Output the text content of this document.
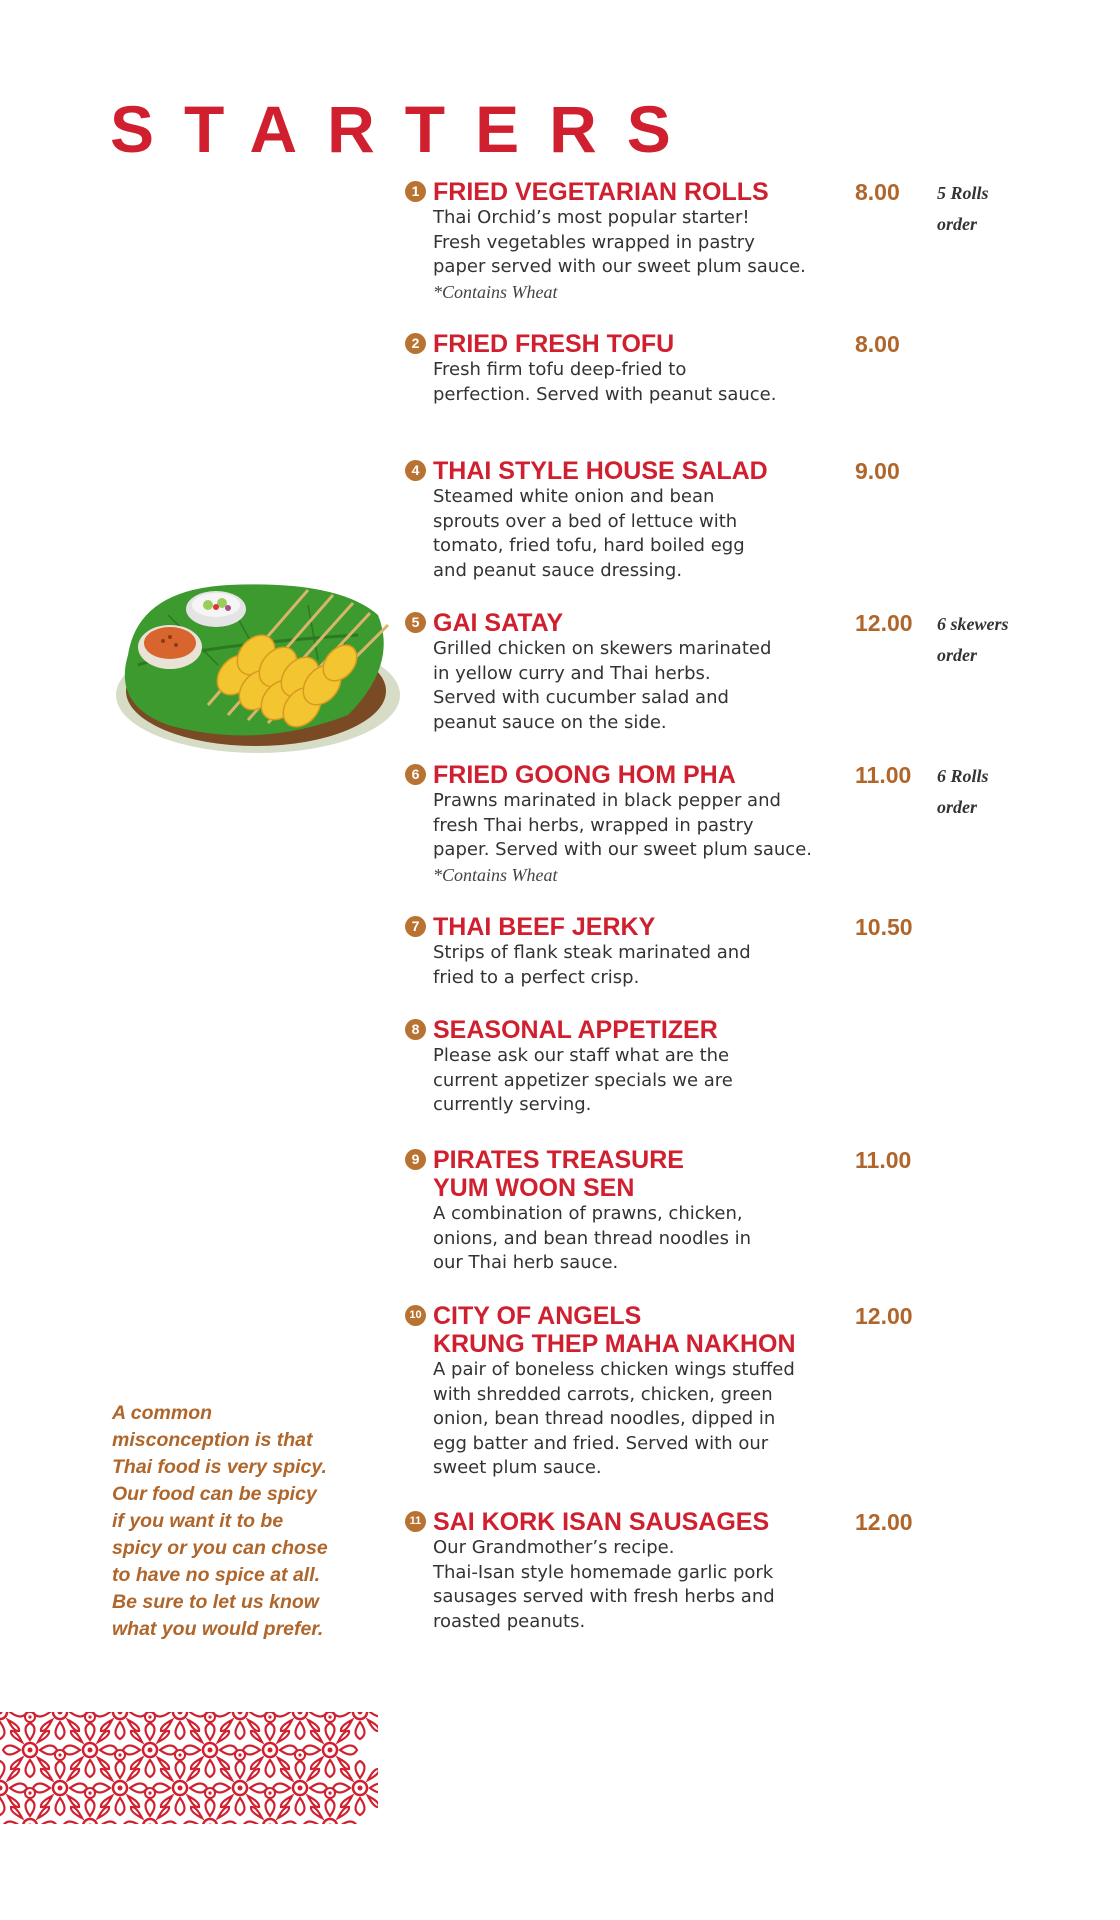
STARTERS
1 FRIED VEGETARIAN ROLLS	8.00 5 Rolls
order
Thai Orchid’s most popular starter!
Fresh vegetables wrapped in pastry
paper served with our sweet plum sauce.
*Contains Wheat
2 FRIED FRESH TOFU	8.00
Fresh firm tofu deep-fried to
perfection. Served with peanut sauce.
4 THAI STYLE HOUSE SALAD	9.00
Steamed white onion and bean
sprouts over a bed of lettuce with
tomato, fried tofu, hard boiled egg
and peanut sauce dressing.
5 GAI SATAY	12.00 6 skewers
order
Grilled chicken on skewers marinated
in yellow curry and Thai herbs.
Served with cucumber salad and
peanut sauce on the side.
6 FRIED GOONG HOM PHA	11.00 6 Rolls
order
Prawns marinated in black pepper and
fresh Thai herbs, wrapped in pastry
paper. Served with our sweet plum sauce.
*Contains Wheat
7 THAI BEEF JERKY	10.50
Strips of flank steak marinated and
fried to a perfect crisp.
8 SEASONAL APPETIZER
Please ask our staff what are the
current appetizer specials we are
currently serving.
9 PIRATES TREASURE
YUM WOON SEN
11.00
A combination of prawns, chicken,
onions, and bean thread noodles in
our Thai herb sauce.
10 CITY OF ANGELS
KRUNG THEP MAHA NAKHON
12.00
A pair of boneless chicken wings stuffed
with shredded carrots, chicken, green
onion, bean thread noodles, dipped in
egg batter and fried. Served with our
sweet plum sauce.
11 SAI KORK ISAN SAUSAGES	12.00
Our Grandmother’s recipe.
Thai-Isan style homemade garlic pork
sausages served with fresh herbs and
roasted peanuts.
A common
misconception is that
Thai food is very spicy.
Our food can be spicy
if you want it to be
spicy or you can chose
to have no spice at all.
Be sure to let us know
what you would prefer.
